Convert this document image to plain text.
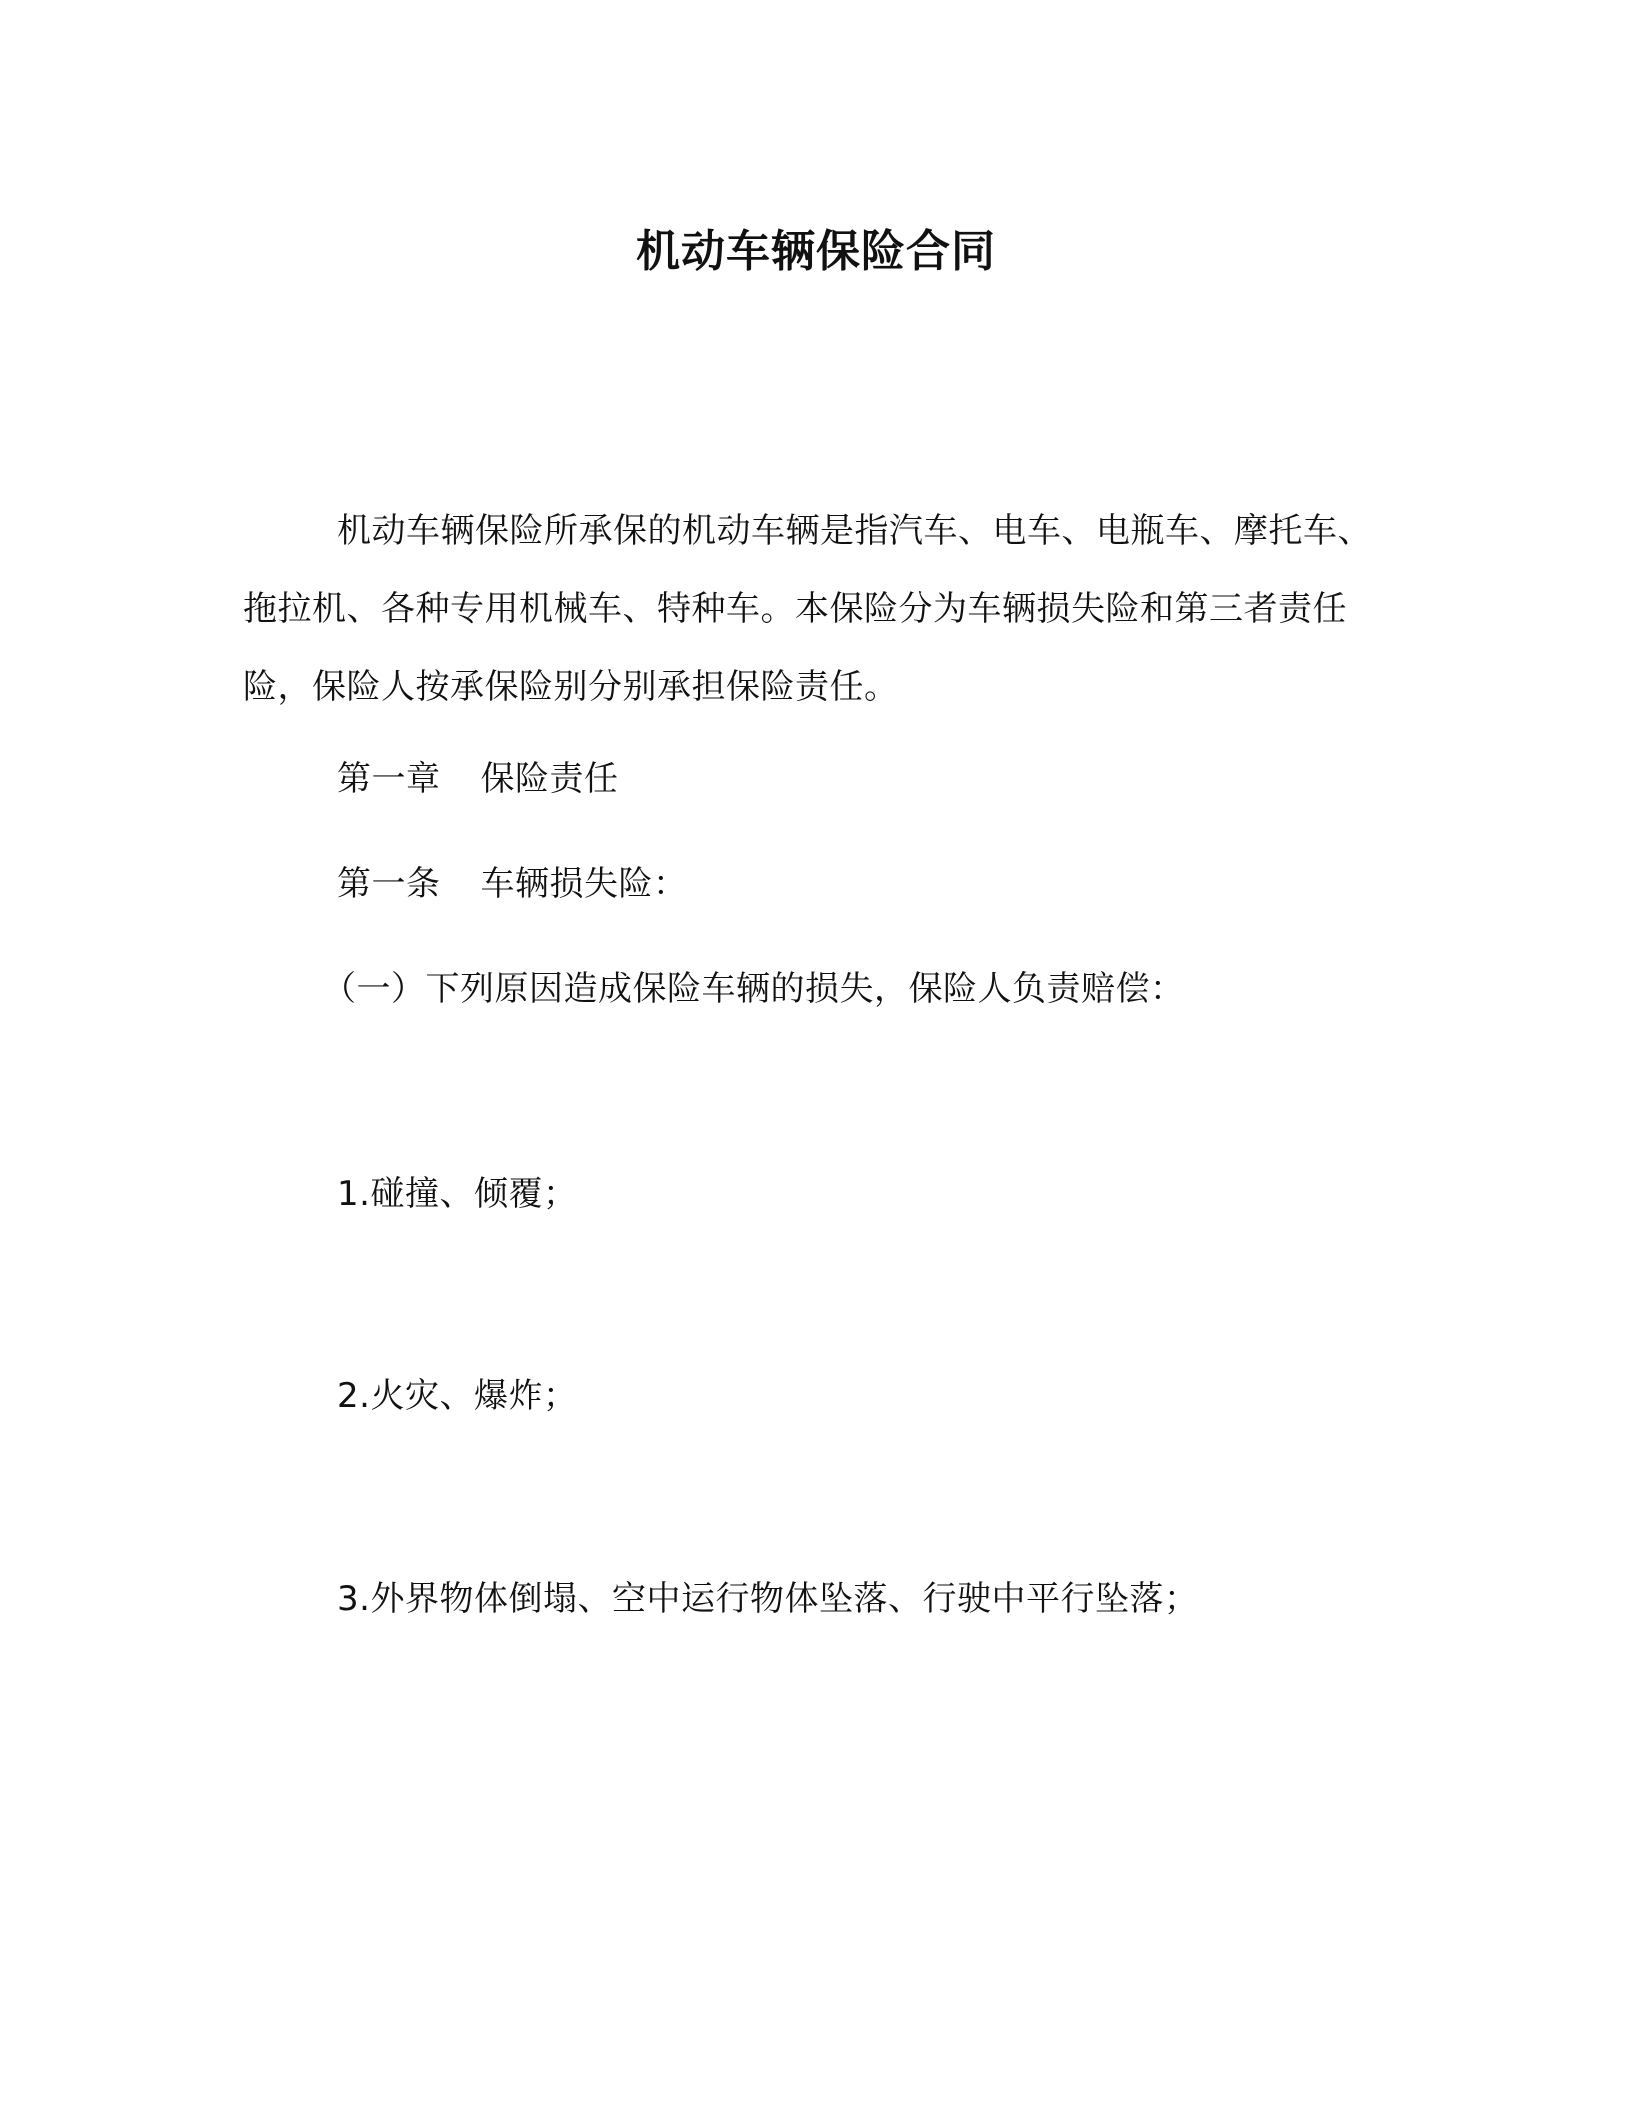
机动车辆保险合同
机动车辆保险所承保的机动车辆是指汽车、电车、电瓶车、摩托车、拖拉机、各种专用机械车、特种车。本保险分为车辆损失险和第三者责任险，保险人按承保险别分别承担保险责任。
第一章 保险责任
第一条 车辆损失险：
（一）下列原因造成保险车辆的损失，保险人负责赔偿：
1.碰撞、倾覆；
2.火灾、爆炸；
3.外界物体倒塌、空中运行物体坠落、行驶中平行坠落；
